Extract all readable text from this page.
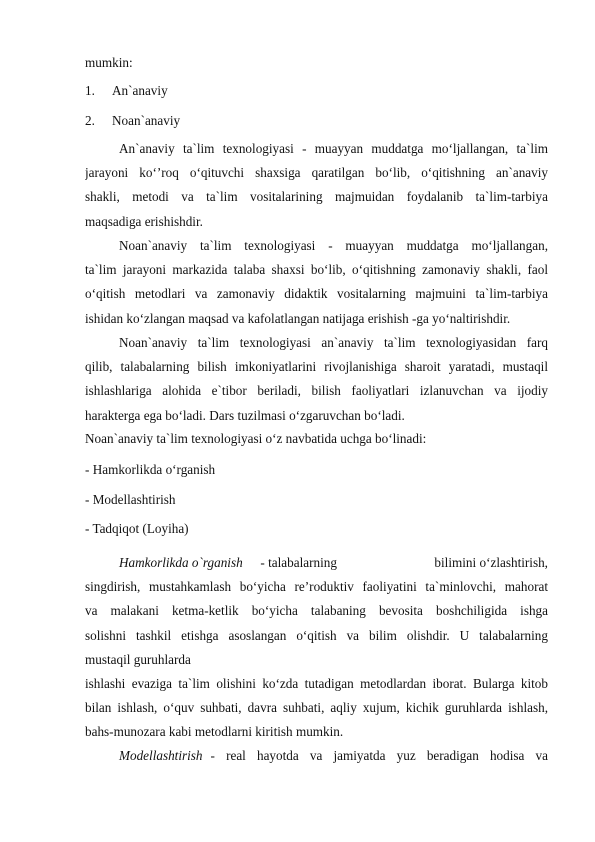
mumkin:
1. An`anaviy
2. Noan`anaviy
An`anaviy ta`lim texnologiyasi - muayyan muddatga mo‘ljallangan, ta`lim
jarayoni ko‘’roq o‘qituvchi shaxsiga qaratilgan bo‘lib, o‘qitishning an`anaviy
shakli, metodi va ta`lim vositalarining majmuidan foydalanib ta`lim-tarbiya
maqsadiga erishishdir.
Noan`anaviy ta`lim texnologiyasi - muayyan muddatga mo‘ljallangan,
ta`lim jarayoni markazida talaba shaxsi bo‘lib, o‘qitishning zamonaviy shakli, faol
o‘qitish metodlari va zamonaviy didaktik vositalarning majmuini ta`lim-tarbiya
ishidan ko‘zlangan maqsad va kafolatlangan natijaga erishish -ga yo‘naltirishdir.
Noan`anaviy ta`lim texnologiyasi an`anaviy ta`lim texnologiyasidan farq
qilib, talabalarning bilish imkoniyatlarini rivojlanishiga sharoit yaratadi, mustaqil
ishlashlariga alohida e`tibor beriladi, bilish faoliyatlari izlanuvchan va ijodiy
harakterga ega bo‘ladi. Dars tuzilmasi o‘zgaruvchan bo‘ladi.
Noan`anaviy ta`lim texnologiyasi o‘z navbatida uchga bo‘linadi:
- Hamkorlikda o‘rganish
- Modellashtirish
- Tadqiqot (Loyiha)
Hamkorlikda o`rganish - talabalarning	bilimini o‘zlashtirish,
singdirish, mustahkamlash bo‘yicha re’roduktiv faoliyatini ta`minlovchi, mahorat
va malakani ketma-ketlik bo‘yicha talabaning bevosita boshchiligida ishga
solishni tashkil etishga asoslangan o‘qitish va bilim olishdir. U talabalarning
mustaqil guruhlarda
ishlashi evaziga ta`lim olishini ko‘zda tutadigan metodlardan iborat. Bularga kitob
bilan ishlash, o‘quv suhbati, davra suhbati, aqliy xujum, kichik guruhlarda ishlash,
bahs-munozara kabi metodlarni kiritish mumkin.
Modellashtirish - real hayotda va jamiyatda yuz beradigan hodisa va
